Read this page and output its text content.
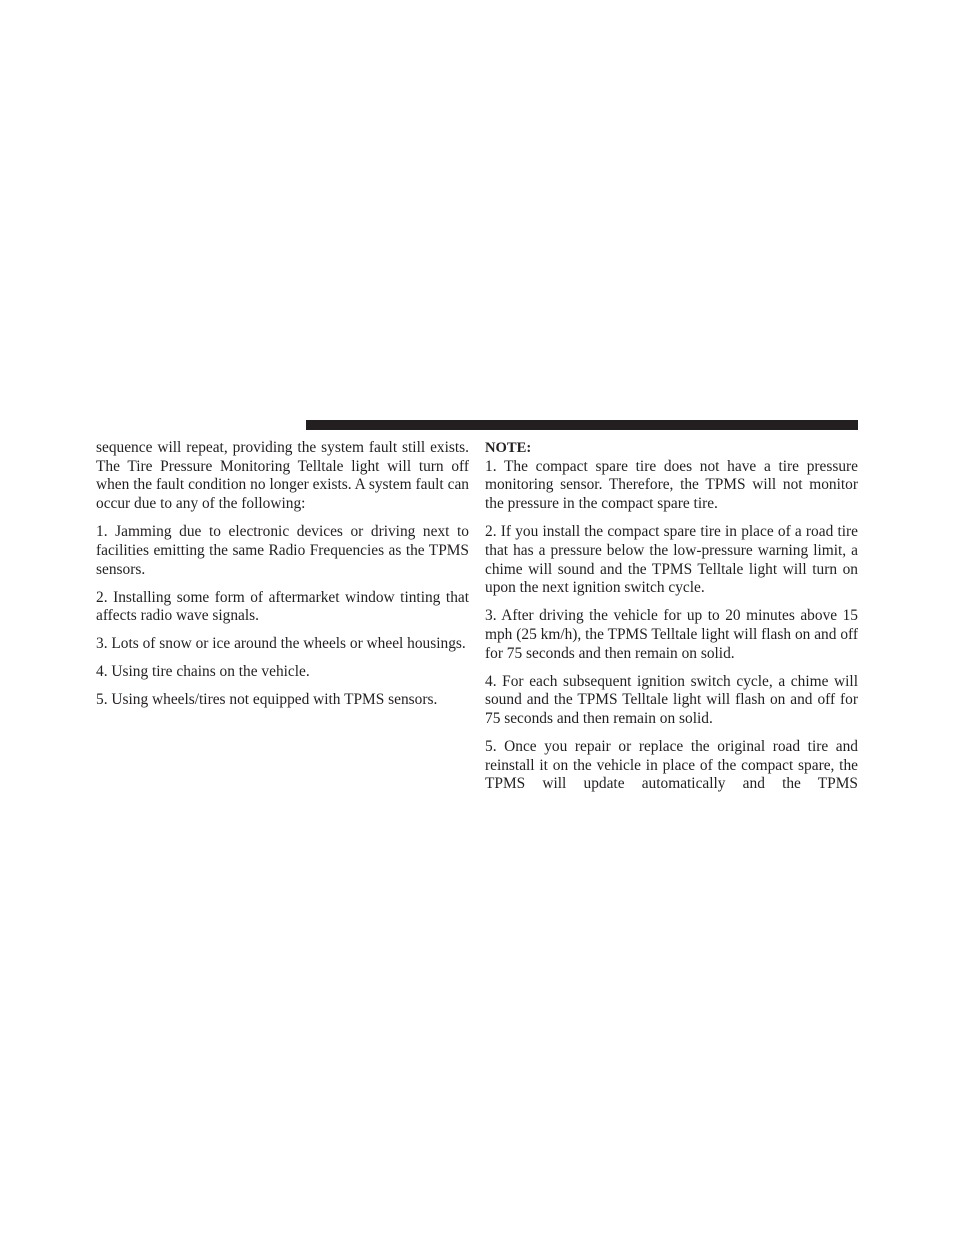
sequence will repeat, providing the system fault still exists. The Tire Pressure Monitoring Telltale light will turn off when the fault condition no longer exists. A system fault can occur due to any of the following:

1. Jamming due to electronic devices or driving next to facilities emitting the same Radio Frequencies as the TPMS sensors.

2. Installing some form of aftermarket window tinting that affects radio wave signals.

3. Lots of snow or ice around the wheels or wheel housings.

4. Using tire chains on the vehicle.

5. Using wheels/tires not equipped with TPMS sensors.

NOTE:

1. The compact spare tire does not have a tire pressure monitoring sensor. Therefore, the TPMS will not monitor the pressure in the compact spare tire.

2. If you install the compact spare tire in place of a road tire that has a pressure below the low-pressure warning limit, a chime will sound and the TPMS Telltale light will turn on upon the next ignition switch cycle.

3. After driving the vehicle for up to 20 minutes above 15 mph (25 km/h), the TPMS Telltale light will flash on and off for 75 seconds and then remain on solid.

4. For each subsequent ignition switch cycle, a chime will sound and the TPMS Telltale light will flash on and off for 75 seconds and then remain on solid.

5. Once you repair or replace the original road tire and reinstall it on the vehicle in place of the compact spare, the TPMS will update automatically and the TPMS
